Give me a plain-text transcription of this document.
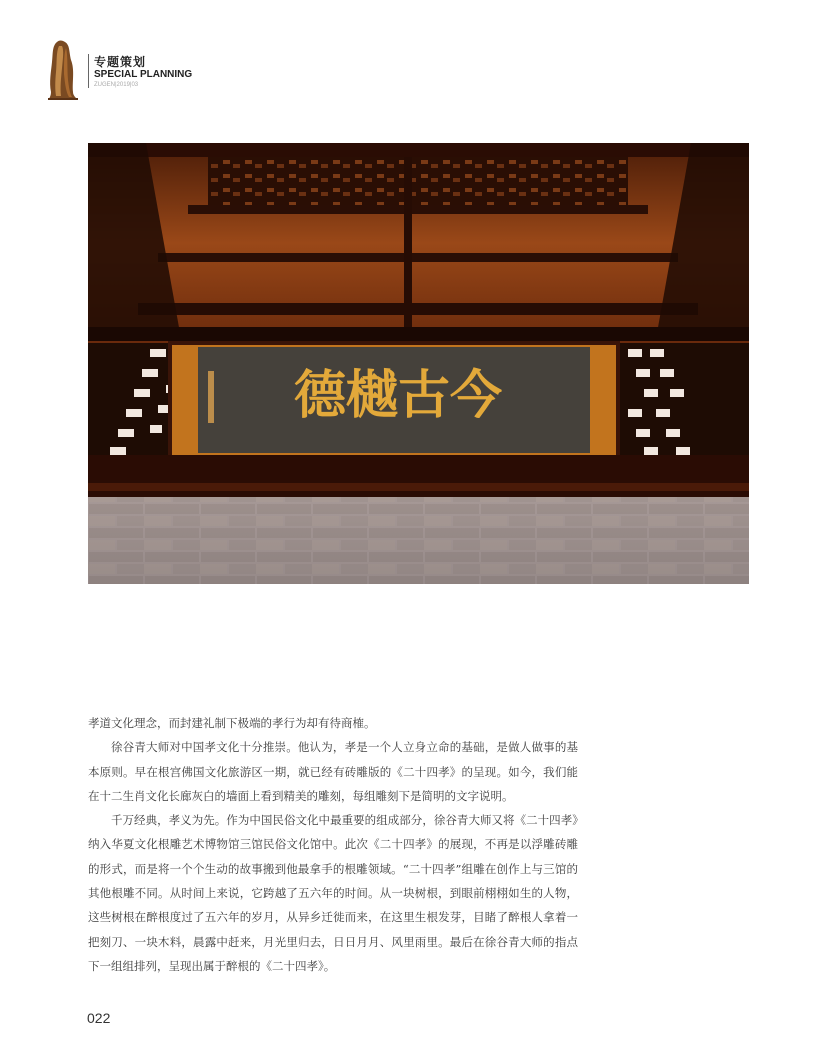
专题策划
SPECIAL PLANNING
ZUGEN|2019|03
德樾古今

孝道文化理念，而封建礼制下极端的孝行为却有待商榷。

徐谷青大师对中国孝文化十分推崇。他认为，孝是一个人立身立命的基础，是做人做事的基本原则。早在根宫佛国文化旅游区一期，就已经有砖雕版的《二十四孝》的呈现。如今，我们能在十二生肖文化长廊灰白的墙面上看到精美的雕刻，每组雕刻下是简明的文字说明。

千万经典，孝义为先。作为中国民俗文化中最重要的组成部分，徐谷青大师又将《二十四孝》纳入华夏文化根雕艺术博物馆三馆民俗文化馆中。此次《二十四孝》的展现，不再是以浮雕砖雕的形式，而是将一个个生动的故事搬到他最拿手的根雕领域。“二十四孝”组雕在创作上与三馆的其他根雕不同。从时间上来说，它跨越了五六年的时间。从一块树根，到眼前栩栩如生的人物，这些树根在醉根度过了五六年的岁月，从异乡迁徙而来，在这里生根发芽，目睹了醉根人拿着一把刻刀、一块木料，晨露中赶来，月光里归去，日日月月、风里雨里。最后在徐谷青大师的指点下一组组排列，呈现出属于醉根的《二十四孝》。

022
